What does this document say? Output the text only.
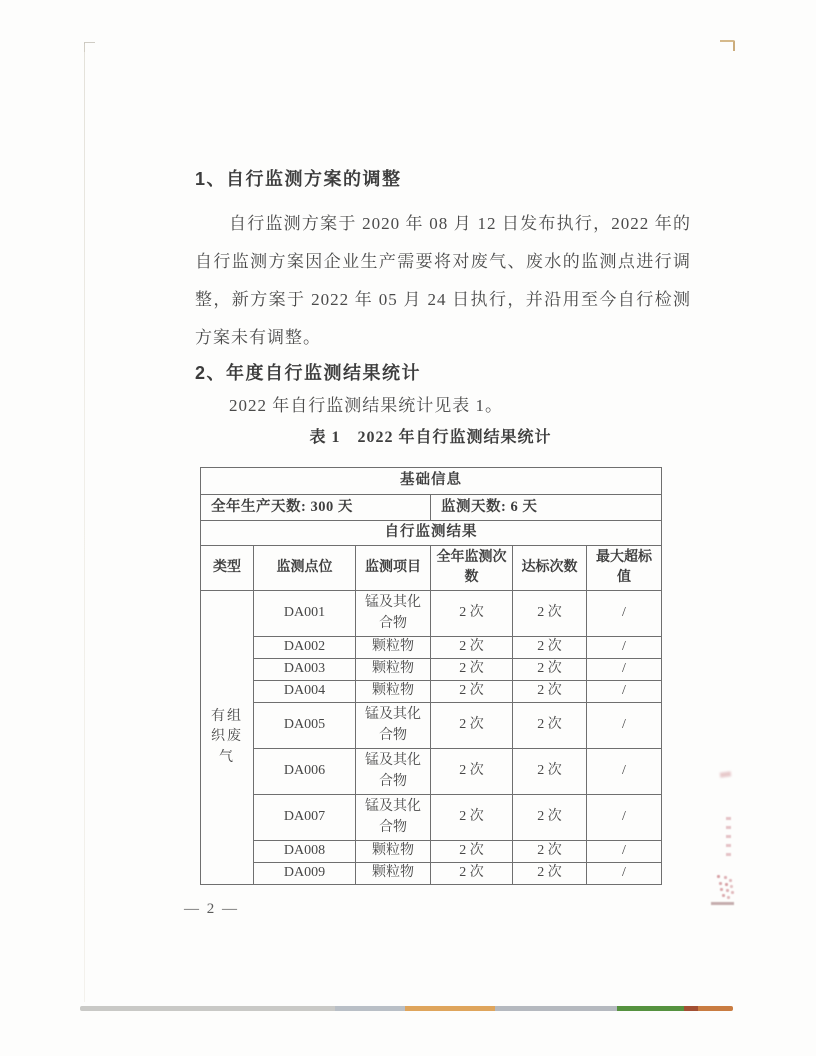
1、自行监测方案的调整

自行监测方案于 2020 年 08 月 12 日发布执行，2022 年的自行监测方案因企业生产需要将对废气、废水的监测点进行调整，新方案于 2022 年 05 月 24 日执行，并沿用至今自行检测方案未有调整。

2、年度自行监测结果统计
2022 年自行监测结果统计见表 1。
表 1　2022 年自行监测结果统计
基础信息					
全年生产天数: 300 天			监测天数: 6 天		
自行监测结果					
类型	监测点位	监测项目	全年监测次数	达标次数	最大超标值
有组织废气	DA001	锰及其化合物	2 次	2 次	/
	DA002	颗粒物	2 次	2 次	/
	DA003	颗粒物	2 次	2 次	/
	DA004	颗粒物	2 次	2 次	/
	DA005	锰及其化合物	2 次	2 次	/
	DA006	锰及其化合物	2 次	2 次	/
	DA007	锰及其化合物	2 次	2 次	/
	DA008	颗粒物	2 次	2 次	/
	DA009	颗粒物	2 次	2 次	/
— 2 —
